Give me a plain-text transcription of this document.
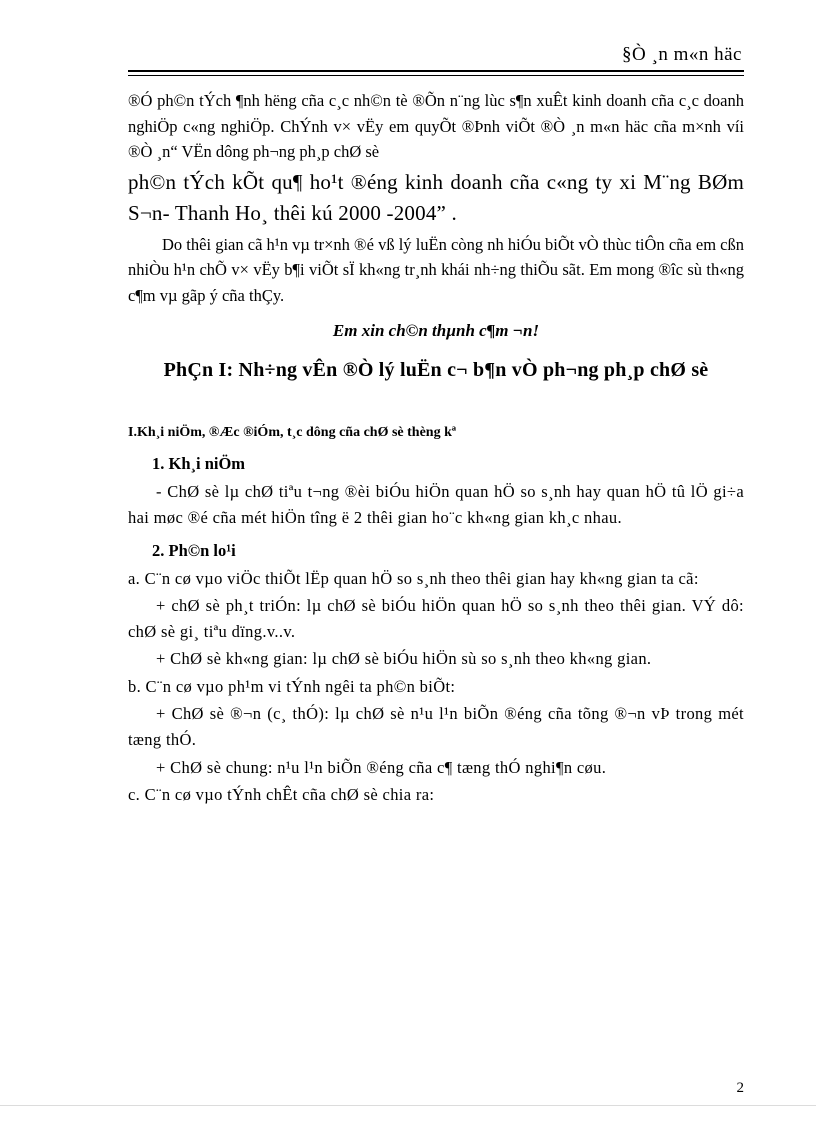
§Ò ¸n m«n häc

®Ó ph©n tÝch ¶nh hëng cña c¸c nh©n tè ®Õn n¨ng lùc s¶n xuÊt kinh doanh cña c¸c doanh nghiÖp c«ng nghiÖp. ChÝnh v× vËy em quyÕt ®Þnh viÕt ®Ò ¸n m«n häc cña m×nh víi ®Ò ¸n“ VËn dông ph¬ng ph¸p chØ sè

ph©n tÝch kÕt qu¶ ho¹t ®éng kinh doanh cña c«ng ty xi M¨ng BØm S¬n- Thanh Ho¸ thêi kú 2000 -2004” .

Do thêi gian cã h¹n vµ tr×nh ®é vß lý luËn còng nh hiÓu biÕt vÒ thùc tiÔn cña em cßn nhiÒu h¹n chÕ v× vËy b¶i viÕt sÏ kh«ng tr¸nh khái nh÷ng thiÕu sãt. Em mong ®îc sù th«ng c¶m vµ gãp ý cña thÇy.

Em xin ch©n thµnh c¶m ¬n!

PhÇn I: Nh÷ng vÊn ®Ò lý luËn c¬ b¶n vÒ ph¬ng ph¸p chØ sè

I.Kh¸i niÖm, ®Æc ®iÓm, t¸c dông cña chØ sè thèng kª

1. Kh¸i niÖm

- ChØ sè lµ chØ tiªu t¬ng ®èi biÓu hiÖn quan hÖ so s¸nh hay quan hÖ tû lÖ gi÷a hai møc ®é cña mét hiÖn tîng ë 2 thêi gian ho¨c kh«ng gian kh¸c nhau.

2. Ph©n lo¹i

a. C¨n cø vµo viÖc thiÕt lËp quan hÖ so s¸nh theo thêi gian hay kh«ng gian ta cã:

+ chØ sè ph¸t triÓn: lµ chØ sè biÓu hiÖn quan hÖ so s¸nh theo thêi gian. VÝ dô: chØ sè gi¸ tiªu dïng.v..v.

+ ChØ sè kh«ng gian: lµ chØ sè biÓu hiÖn sù so s¸nh theo kh«ng gian.

b. C¨n cø vµo ph¹m vi tÝnh ngêi ta ph©n biÕt:

+ ChØ sè ®¬n (c¸ thÓ): lµ chØ sè n¹u l¹n biÕn ®éng cña tõng ®¬n vÞ trong mét tæng thÓ.

+ ChØ sè chung: n¹u l¹n biÕn ®éng cña c¶ tæng thÓ nghi¶n cøu.

c. C¨n cø vµo tÝnh chÊt cña chØ sè chia ra:

2
